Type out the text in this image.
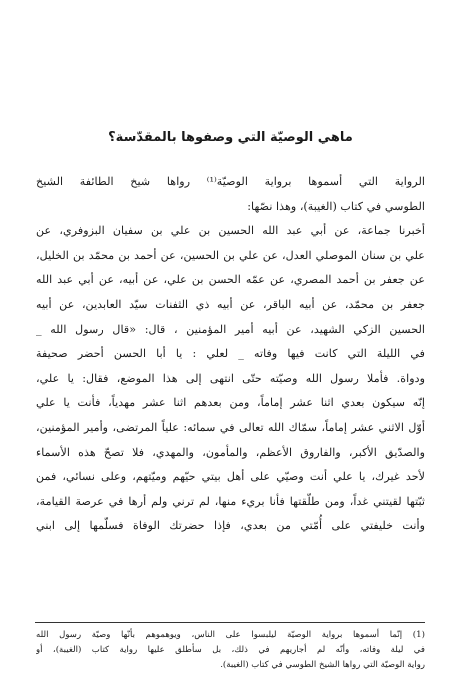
ماهي الوصيّة التي وصفوها بالمقدّسة؟
الرواية التي أسموها برواية الوصيّة⁽¹⁾ رواها شيخ الطائفة الشيخ
الطوسي في كتاب (الغيبة)، وهذا نصّها:
أخبرنا جماعة، عن أبي عبد الله الحسين بن علي بن سفيان البزوفري، عن
علي بن سنان الموصلي العدل، عن علي بن الحسين، عن أحمد بن محمّد بن الخليل،
عن جعفر بن أحمد المصري، عن عمّه الحسن بن علي، عن أبيه، عن أبي عبد الله
جعفر بن محمّد، عن أبيه الباقر، عن أبيه ذي الثفنات سيّد العابدين، عن أبيه
الحسين الزكي الشهيد، عن أبيه أمير المؤمنين ، قال: «قال رسول الله _
في الليلة التي كانت فيها وفاته _ لعلي : يا أبا الحسن أحضر صحيفة
ودواة. فأملا رسول الله وصيّته حتّى انتهى إلى هذا الموضع، فقال: يا علي،
إنّه سيكون بعدي اثنا عشر إماماً، ومن بعدهم اثنا عشر مهدياً، فأنت يا علي
أوّل الاثني عشر إماماً، سمّاك الله تعالى في سمائه: علياً المرتضى، وأمير المؤمنين،
والصدّيق الأكبر، والفاروق الأعظم، والمأمون، والمهدي، فلا تصحّ هذه الأسماء
لأحد غيرك، يا علي أنت وصيّي على أهل بيتي حيّهم وميّتهم، وعلى نسائي، فمن
ثبّتها لقيتني غداً، ومن طلّقتها فأنا بريء منها، لم ترني ولم أرها في عرصة القيامة،
وأنت خليفتي على أُمّتي من بعدي، فإذا حضرتك الوفاة فسلّمها إلى ابني
(1) إنّما أسموها برواية الوصيّة ليلبسوا على الناس، ويوهموهم بأنّها وصيّة رسول الله
في ليلة وفاته، وأنّه لم أجاريهم في ذلك، بل سأطلق عليها رواية كتاب (الغيبة)، أو
رواية الوصيّة التي رواها الشيخ الطوسي في كتاب (الغيبة).
